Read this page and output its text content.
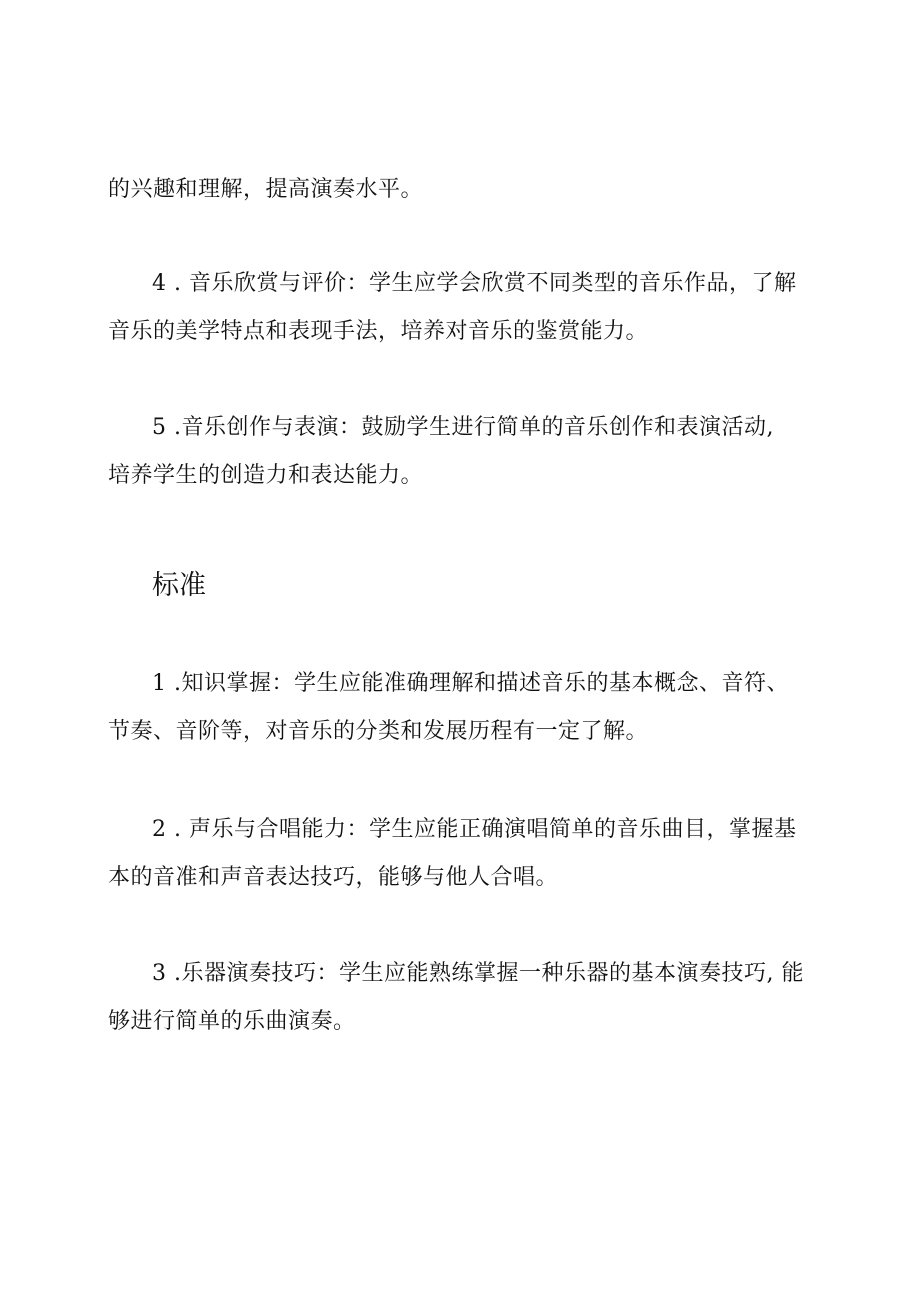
的兴趣和理解，提高演奏水平。

4 . 音乐欣赏与评价：学生应学会欣赏不同类型的音乐作品，了解
音乐的美学特点和表现手法，培养对音乐的鉴赏能力。

5 .音乐创作与表演：鼓励学生进行简单的音乐创作和表演活动,
培养学生的创造力和表达能力。

标准

1 .知识掌握：学生应能准确理解和描述音乐的基本概念、音符、
节奏、音阶等，对音乐的分类和发展历程有一定了解。

2 . 声乐与合唱能力：学生应能正确演唱简单的音乐曲目，掌握基
本的音准和声音表达技巧，能够与他人合唱。

3 .乐器演奏技巧：学生应能熟练掌握一种乐器的基本演奏技巧, 能
够进行简单的乐曲演奏。
